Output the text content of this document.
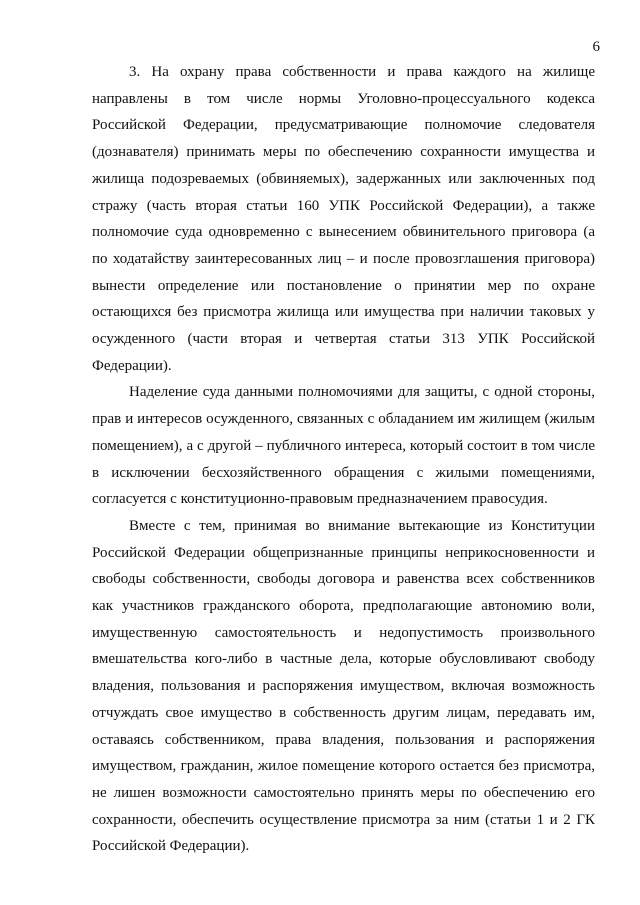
6

3. На охрану права собственности и права каждого на жилище направлены в том числе нормы Уголовно-процессуального кодекса Российской Федерации, предусматривающие полномочие следователя (дознавателя) принимать меры по обеспечению сохранности имущества и жилища подозреваемых (обвиняемых), задержанных или заключенных под стражу (часть вторая статьи 160 УПК Российской Федерации), а также полномочие суда одновременно с вынесением обвинительного приговора (а по ходатайству заинтересованных лиц – и после провозглашения приговора) вынести определение или постановление о принятии мер по охране остающихся без присмотра жилища или имущества при наличии таковых у осужденного (части вторая и четвертая статьи 313 УПК Российской Федерации).

Наделение суда данными полномочиями для защиты, с одной стороны, прав и интересов осужденного, связанных с обладанием им жилищем (жилым помещением), а с другой – публичного интереса, который состоит в том числе в исключении бесхозяйственного обращения с жилыми помещениями, согласуется с конституционно-правовым предназначением правосудия.

Вместе с тем, принимая во внимание вытекающие из Конституции Российской Федерации общепризнанные принципы неприкосновенности и свободы собственности, свободы договора и равенства всех собственников как участников гражданского оборота, предполагающие автономию воли, имущественную самостоятельность и недопустимость произвольного вмешательства кого-либо в частные дела, которые обусловливают свободу владения, пользования и распоряжения имуществом, включая возможность отчуждать свое имущество в собственность другим лицам, передавать им, оставаясь собственником, права владения, пользования и распоряжения имуществом, гражданин, жилое помещение которого остается без присмотра, не лишен возможности самостоятельно принять меры по обеспечению его сохранности, обеспечить осуществление присмотра за ним (статьи 1 и 2 ГК Российской Федерации).
